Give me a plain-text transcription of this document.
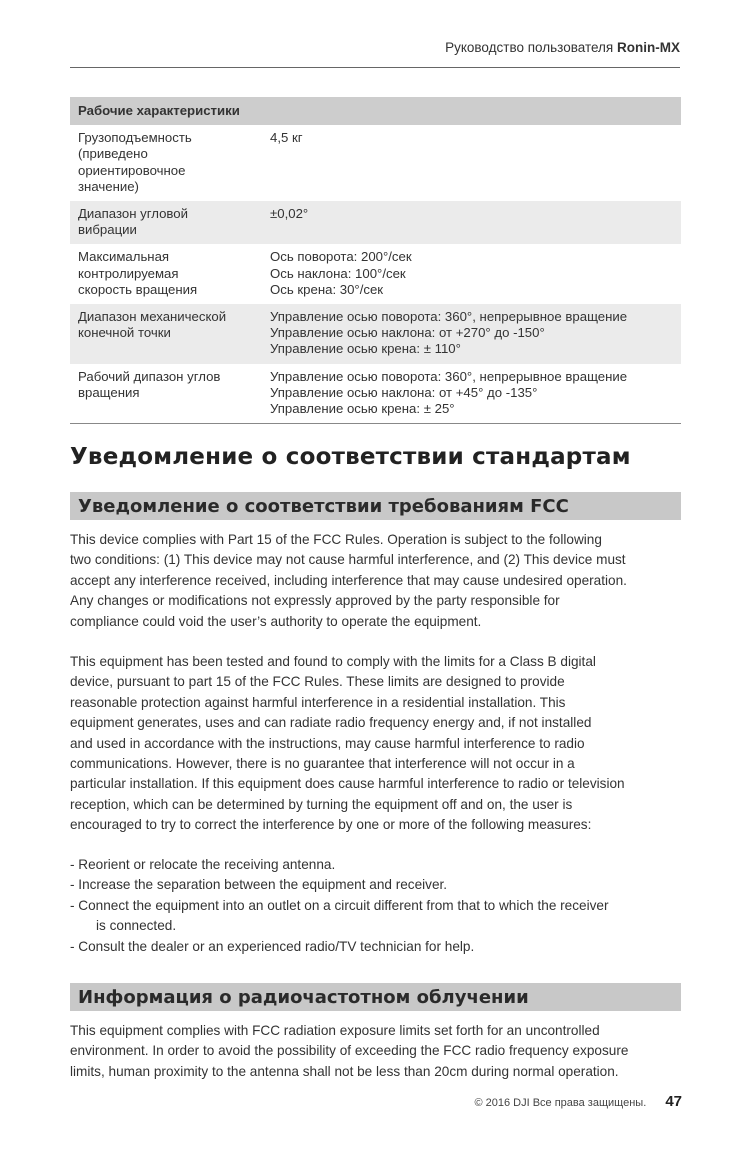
Руководство пользователя Ronin-MX
Рабочие характеристики	

Грузоподъемность
(приведено
ориентировочное
значение)	4,5 кг

Диапазон угловой
вибрации	±0,02°

Максимальная
контролируемая
скорость вращения	Ось поворота: 200°/сек
Ось наклона: 100°/сек
Ось крена: 30°/сек

Диапазон механической
конечной точки	Управление осью поворота: 360°, непрерывное вращение
Управление осью наклона: от +270° до -150°
Управление осью крена: ± 110°

Рабочий дипазон углов
вращения	Управление осью поворота: 360°, непрерывное вращение
Управление осью наклона: от +45° до -135°
Управление осью крена: ± 25°
Уведомление о соответствии стандартам
Уведомление о соответствии требованиям FCC
This device complies with Part 15 of the FCC Rules. Operation is subject to the following
two conditions: (1) This device may not cause harmful interference, and (2) This device must
accept any interference received, including interference that may cause undesired operation.
Any changes or modifications not expressly approved by the party responsible for
compliance could void the user’s authority to operate the equipment.
This equipment has been tested and found to comply with the limits for a Class B digital
device, pursuant to part 15 of the FCC Rules. These limits are designed to provide
reasonable protection against harmful interference in a residential installation. This
equipment generates, uses and can radiate radio frequency energy and, if not installed
and used in accordance with the instructions, may cause harmful interference to radio
communications. However, there is no guarantee that interference will not occur in a
particular installation. If this equipment does cause harmful interference to radio or television
reception, which can be determined by turning the equipment off and on, the user is
encouraged to try to correct the interference by one or more of the following measures:
- Reorient or relocate the receiving antenna.
- Increase the separation between the equipment and receiver.
- Connect the equipment into an outlet on a circuit different from that to which the receiver
is connected.
- Consult the dealer or an experienced radio/TV technician for help.
Информация о радиочастотном облучении
This equipment complies with FCC radiation exposure limits set forth for an uncontrolled
environment. In order to avoid the possibility of exceeding the FCC radio frequency exposure
limits, human proximity to the antenna shall not be less than 20cm during normal operation.
© 2016 DJI Все права защищены. 47
